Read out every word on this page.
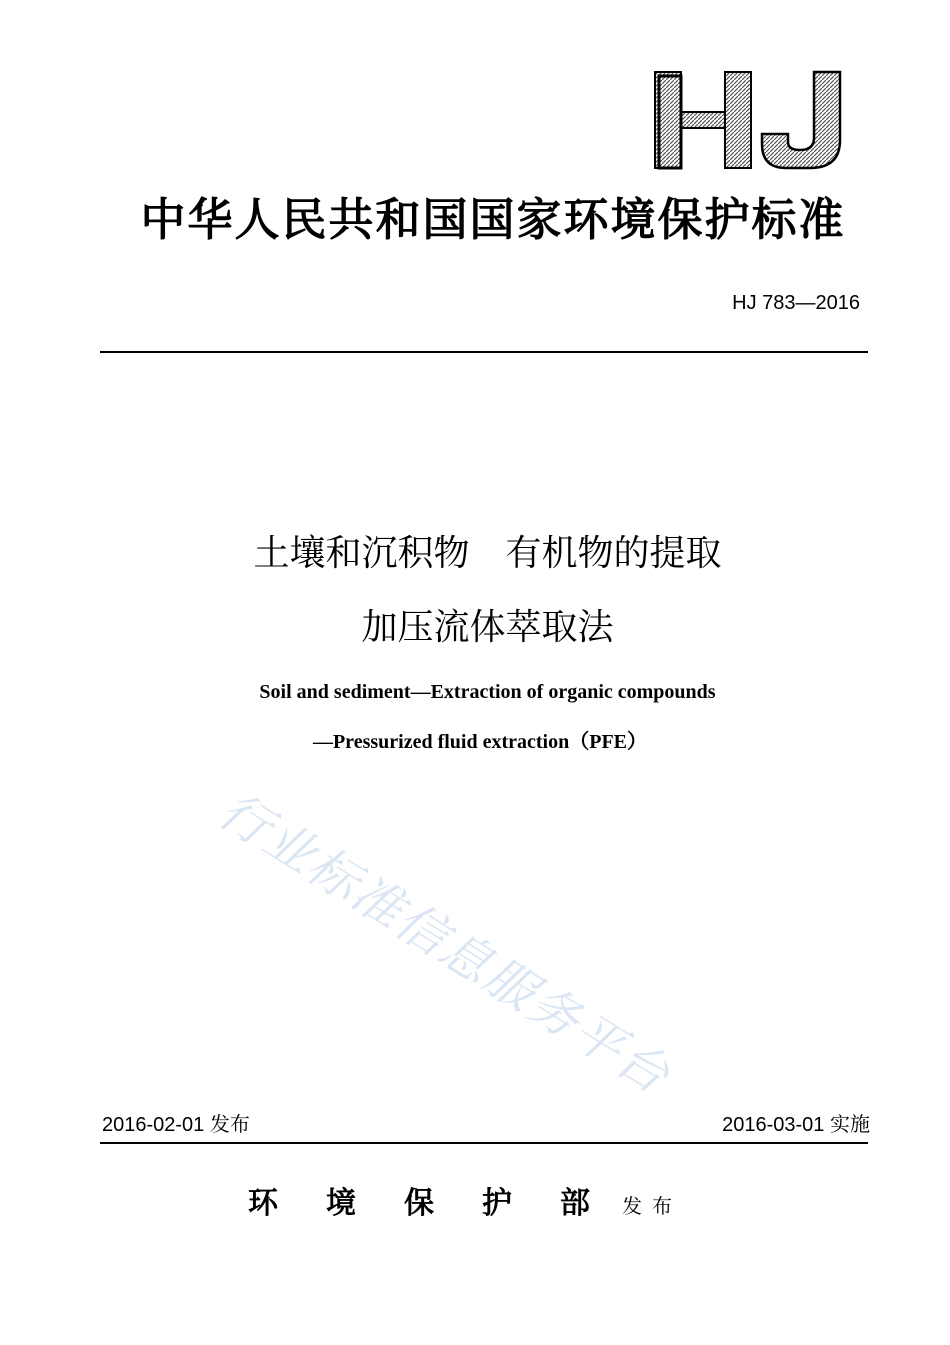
中华人民共和国国家环境保护标准
HJ 783—2016
土壤和沉积物　有机物的提取
加压流体萃取法
Soil and sediment—Extraction of organic compounds
—Pressurized fluid extraction（PFE）
行业标准信息服务平台
2016-02-01 发布	2016-03-01 实施
环境保护部
发布
